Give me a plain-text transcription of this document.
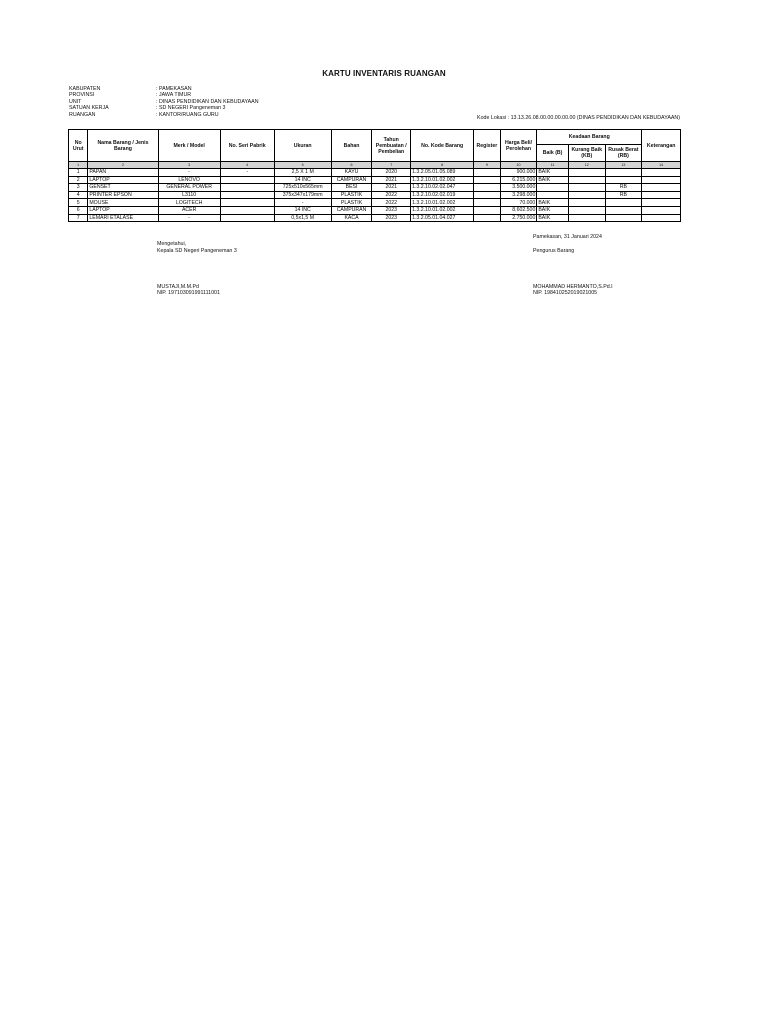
KARTU INVENTARIS RUANGAN
KABUPATEN	: PAMEKASAN
PROVINSI	: JAWA TIMUR
UNIT	: DINAS PENDIDIKAN DAN KEBUDAYAAN
SATUAN KERJA	: SD NEGERI Pangeneman 3
RUANGAN	: KANTOR/RUANG GURU
Kode Lokasi : 13.13.26.08.00.00.00.00.00 (DINAS PENDIDIKAN DAN KEBUDAYAAN)
No Urut	Nama Barang / Jenis Barang	Merk / Model	No. Seri Pabrik	Ukuran	Bahan	Tahun Pembuatan / Pembelian	No. Kode Barang	Register	Harga Beli/ Perolehan	Keadaan Barang			Keterangan
										Baik (B)	Kurang Baik (KB)	Rusak Berat (RB)	
1	2	3	4	5	6	7	8	9	10	11	12	13	14
1	PAPAN	-	-	2,5 X 1 M	KAYU	2020	1.3.2.05.01.05.089		900.000	BAIK			
2	LAPTOP	LENOVO		14 INC	CAMPURAN	2021	1.3.2.10.01.02.002		6.215.000	BAIK			
3	GENSET	GENERAL POWER		725x510x565mm	BESI	2021	1.3.2.10.02.02.047		3.500.000			RB	
4	PRINTER EPSON	L3110		375x347x179mm	PLASTIK	2022	1.3.2.10.02.02.019		3.298.000			RB	
5	MOUSE	LOGITECH		-	PLASTIK	2022	1.3.2.10.01.02.002		70.000	BAIK			
6	LAPTOP	ACER		14 INC	CAMPURAN	2023	1.3.2.10.01.02.002		8.602.500	BAIK			
7	LEMARI ETALASE	-		0,5x1,5 M	KACA	2023	1.3.2.05.01.04.027		2.750.000	BAIK			
Pamekasan, 31 Januari 2024
Mengetahui,
Kepala SD Negeri Pangeneman 3	Pengurus Barang
MUSTAJI,M.M.Pd
NIP. 197103091991111001
MOHAMMAD HERMANTO,S.Pd.I
NIP. 198410252019021005
